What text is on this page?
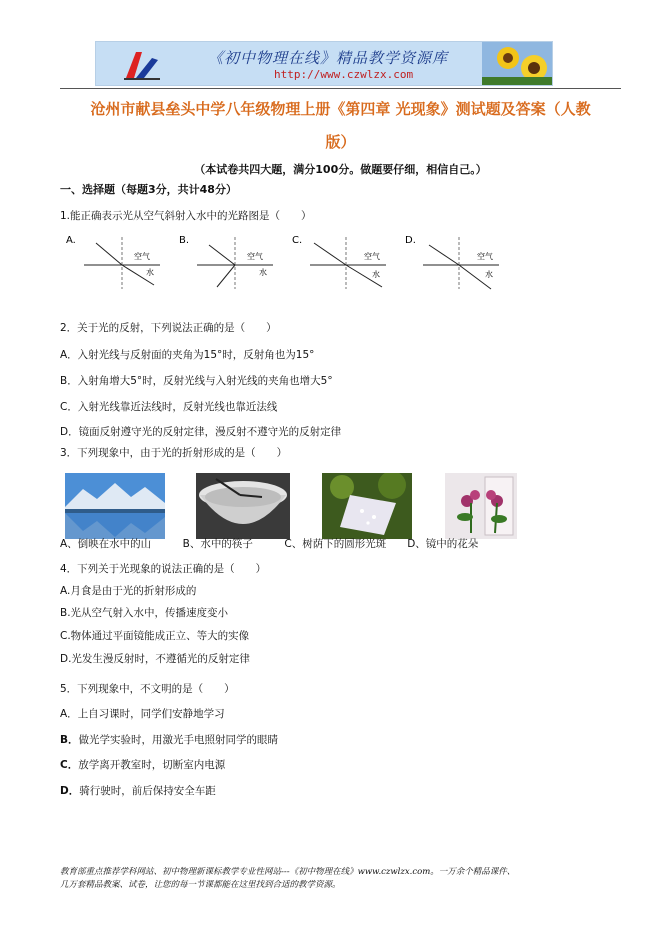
《初中物理在线》精品教学资源库
http://www.czwlzx.com
沧州市献县垒头中学八年级物理上册《第四章 光现象》测试题及答案（人教
版）
（本试卷共四大题，满分100分。做题要仔细，相信自己。）
一、选择题（每题3分，共计48分）
1.能正确表示光从空气斜射入水中的光路图是（　　）
A.
空气
水
B.
空气
水
C.
空气
水
D.
空气
水
2．关于光的反射，下列说法正确的是（　　）
A．入射光线与反射面的夹角为15°时，反射角也为15°
B．入射角增大5°时，反射光线与入射光线的夹角也增大5°
C．入射光线靠近法线时，反射光线也靠近法线
D．镜面反射遵守光的反射定律，漫反射不遵守光的反射定律
3．下列现象中，由于光的折射形成的是（　　）
A、倒映在水中的山　　　B、水中的筷子　　　C、树荫下的圆形光斑　　D、镜中的花朵
4．下列关于光现象的说法正确的是（　　）
A.月食是由于光的折射形成的
B.光从空气射入水中，传播速度变小
C.物体通过平面镜能成正立、等大的实像
D.光发生漫反射时，不遵循光的反射定律
5．下列现象中，不文明的是（　　）
A．上自习课时，同学们安静地学习
B．做光学实验时，用激光手电照射同学的眼睛
C．放学离开教室时，切断室内电源
D．骑行驶时，前后保持安全车距
教育部重点推荐学科网站、初中物理新课标教学专业性网站---《初中物理在线》www.czwlzx.com。一万余个精品课件、
几万套精品教案、试卷，让您的每一节课都能在这里找到合适的教学资源。
